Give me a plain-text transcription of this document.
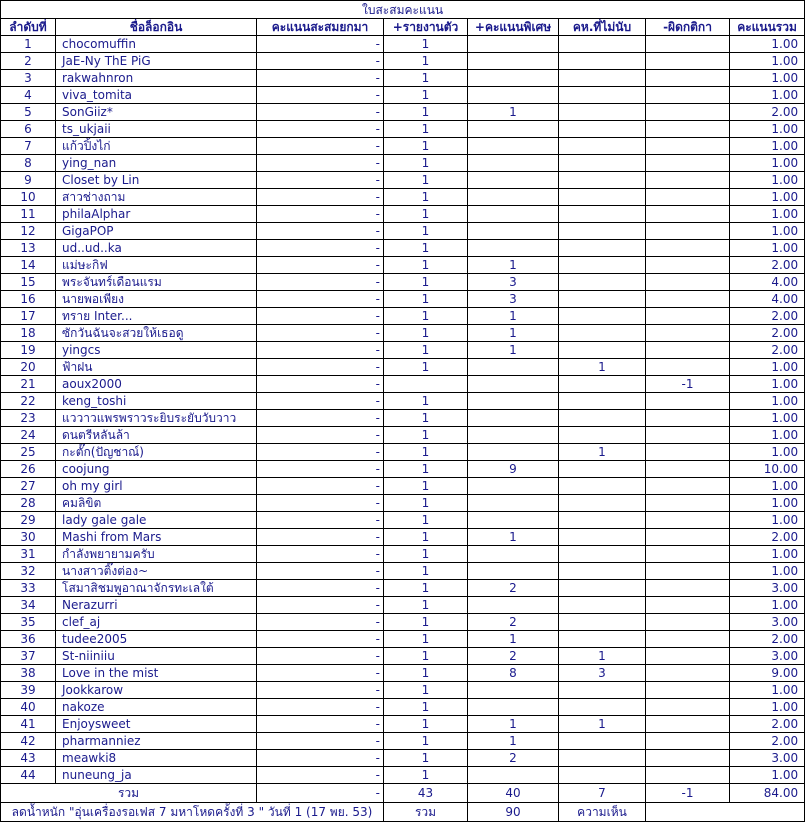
ใบสะสมคะแนน							
ลำดับที่	ชื่อล็อกอิน	คะแนนสะสมยกมา	+รายงานตัว	+คะแนนพิเศษ	คห.ที่ไม่นับ	-ผิดกติกา	คะแนนรวม
1	chocomuffin	-	1				1.00
2	JaE-Ny ThE PiG	-	1				1.00
3	rakwahnron	-	1				1.00
4	viva_tomita	-	1				1.00
5	SonGiiz*	-	1	1			2.00
6	ts_ukjaii	-	1				1.00
7	แก้วปิ้งไก่	-	1				1.00
8	ying_nan	-	1				1.00
9	Closet by Lin	-	1				1.00
10	สาวช่างถาม	-	1				1.00
11	philaAlphar	-	1				1.00
12	GigaPOP	-	1				1.00
13	ud..ud..ka	-	1				1.00
14	แม่ษะกิฟ	-	1	1			2.00
15	พระจันทร์เดือนแรม	-	1	3			4.00
16	นายพอเพียง	-	1	3			4.00
17	ทราย Inter...	-	1	1			2.00
18	ซักวันฉันจะสวยให้เธอดู	-	1	1			2.00
19	yingcs	-	1	1			2.00
20	ฟ้าฝน	-	1		1		1.00
21	aoux2000	-				-1	1.00
22	keng_toshi	-	1				1.00
23	แววาวแพรพราวระยิบระยับวับวาว	-	1				1.00
24	ดนตรีหลันล้า	-	1				1.00
25	กะตั๊ก(ปัญชาณ์)	-	1		1		1.00
26	coojung	-	1	9			10.00
27	oh my girl	-	1				1.00
28	คมลิขิต	-	1				1.00
29	lady gale gale	-	1				1.00
30	Mashi from Mars	-	1	1			2.00
31	กำลังพยายามครับ	-	1				1.00
32	นางสาวติ๊งต่อง~	-	1				1.00
33	โสมาสิชมพูอาณาจักรทะเลใต้	-	1	2			3.00
34	Nerazurri	-	1				1.00
35	clef_aj	-	1	2			3.00
36	tudee2005	-	1	1			2.00
37	St-niiniiu	-	1	2	1		3.00
38	Love in the mist	-	1	8	3		9.00
39	Jookkarow	-	1				1.00
40	nakoze	-	1				1.00
41	Enjoysweet	-	1	1	1		2.00
42	pharmanniez	-	1	1			2.00
43	meawki8	-	1	2			3.00
44	nuneung_ja	-	1				1.00
รวม		-	43	40	7	-1	84.00
ลดน้ำหนัก "อุ่นเครื่องรอเฟส 7 มหาโหดครั้งที่ 3 " วันที่ 1 (17 พย. 53)			รวม	90	ความเห็น		
